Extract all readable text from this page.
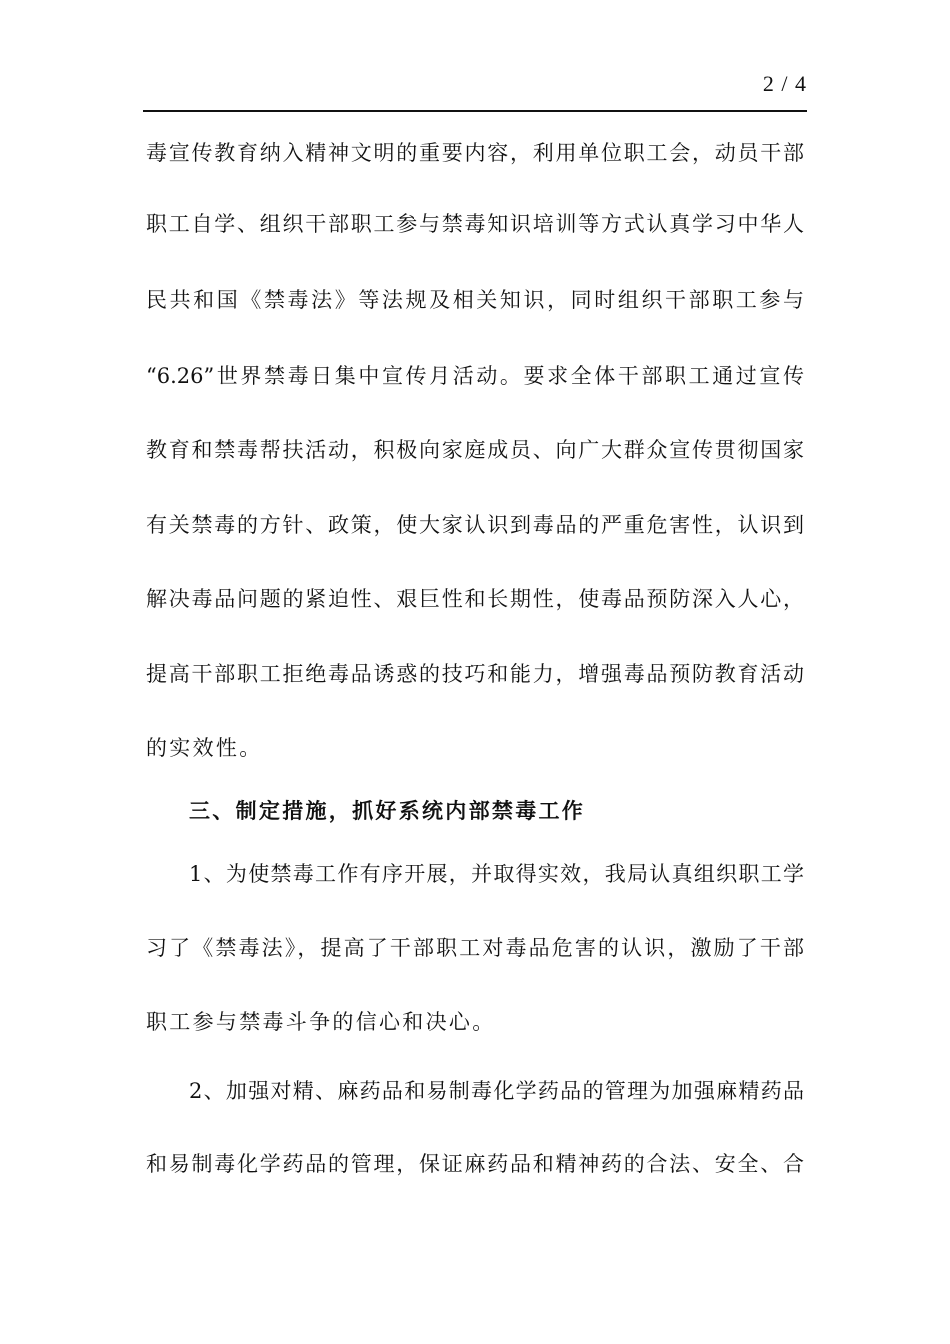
2 / 4
毒宣传教育纳入精神文明的重要内容，利用单位职工会，动员干部
职工自学、组织干部职工参与禁毒知识培训等方式认真学习中华人
民共和国《禁毒法》等法规及相关知识，同时组织干部职工参与
“6.26”世界禁毒日集中宣传月活动。要求全体干部职工通过宣传
教育和禁毒帮扶活动，积极向家庭成员、向广大群众宣传贯彻国家
有关禁毒的方针、政策，使大家认识到毒品的严重危害性，认识到
解决毒品问题的紧迫性、艰巨性和长期性，使毒品预防深入人心，
提高干部职工拒绝毒品诱惑的技巧和能力，增强毒品预防教育活动
的实效性。
三、制定措施，抓好系统内部禁毒工作
1、为使禁毒工作有序开展，并取得实效，我局认真组织职工学
习了《禁毒法》，提高了干部职工对毒品危害的认识，激励了干部
职工参与禁毒斗争的信心和决心。
2、加强对精、麻药品和易制毒化学药品的管理为加强麻精药品
和易制毒化学药品的管理，保证麻药品和精神药的合法、安全、合
